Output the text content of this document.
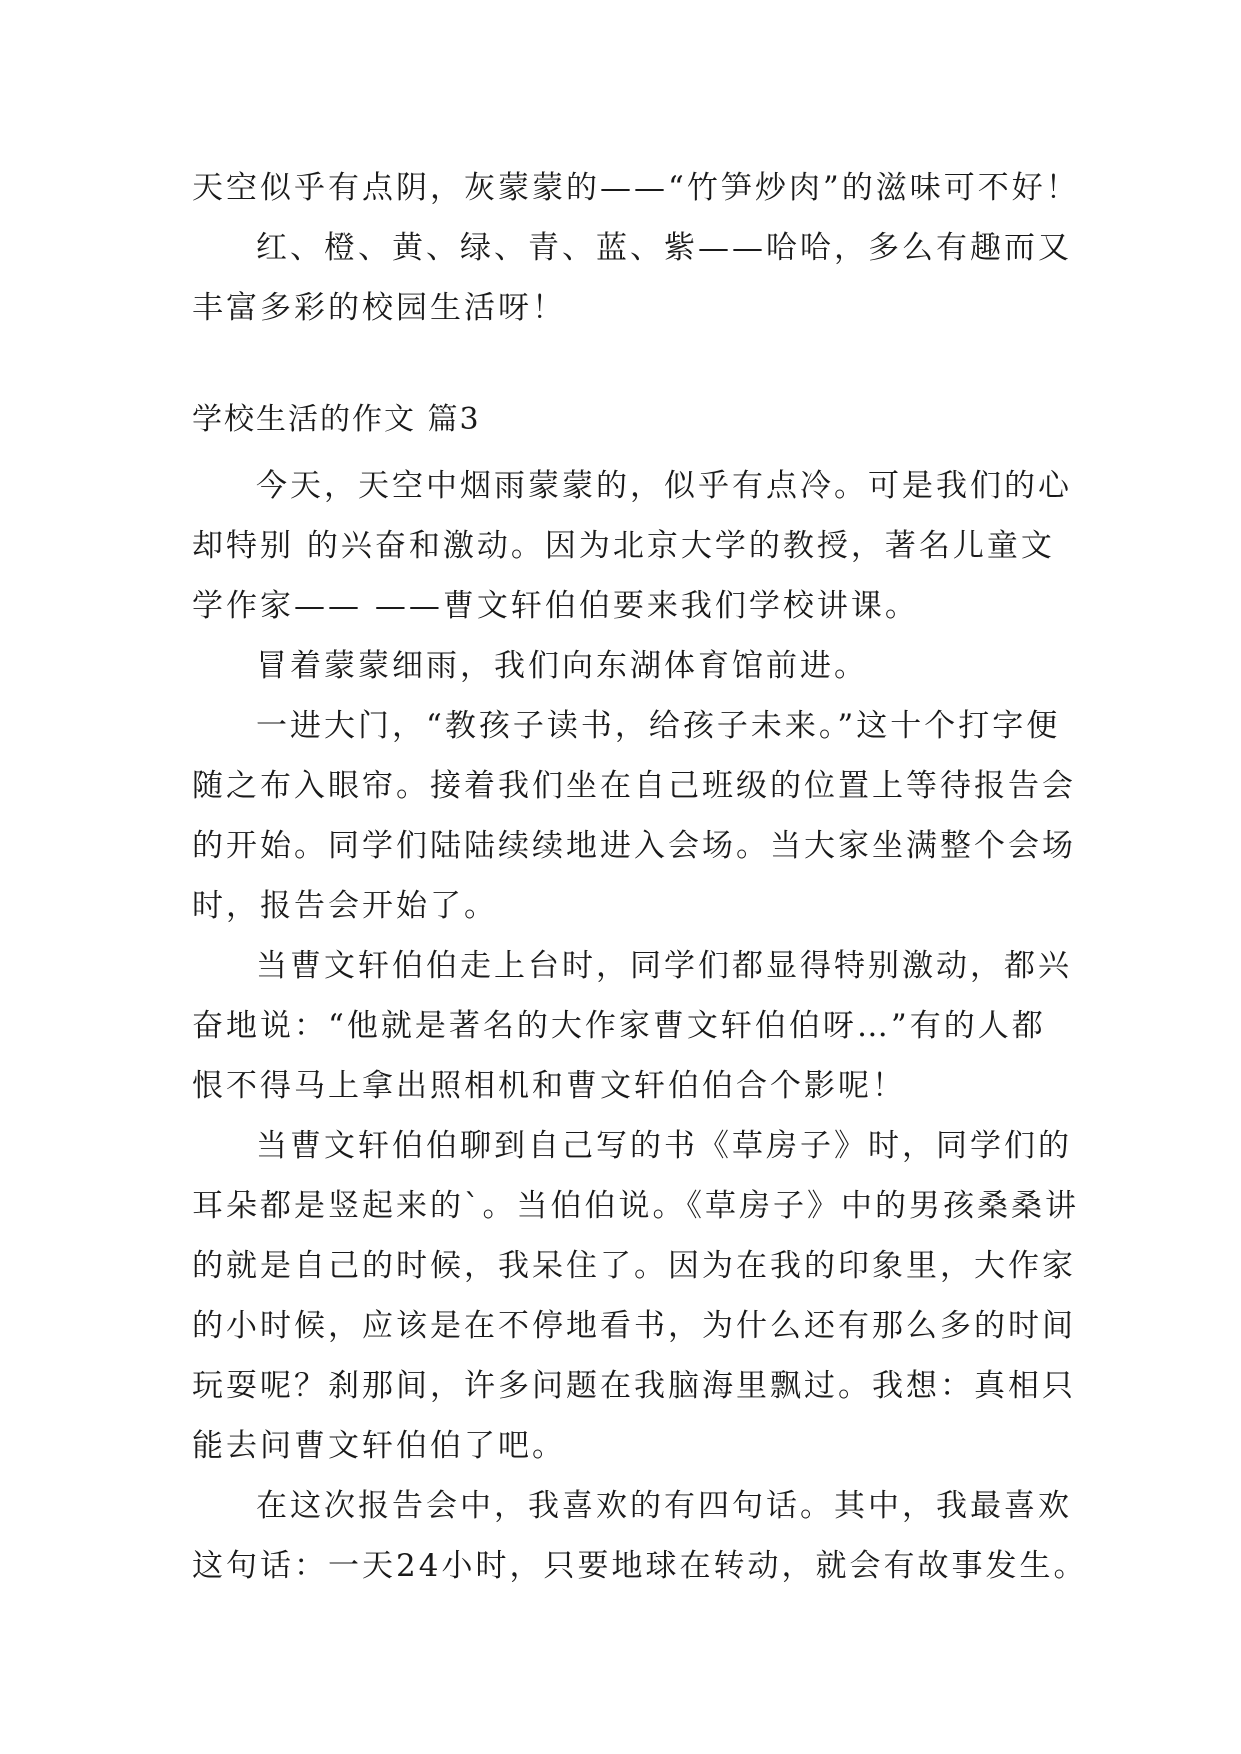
天空似乎有点阴，灰蒙蒙的——“竹笋炒肉”的滋味可不好！
红、橙、黄、绿、青、蓝、紫——哈哈，多么有趣而又
丰富多彩的校园生活呀！
学校生活的作文 篇3
今天，天空中烟雨蒙蒙的，似乎有点冷。可是我们的心
却特别 的兴奋和激动。因为北京大学的教授，著名儿童文
学作家—— ——曹文轩伯伯要来我们学校讲课。
冒着蒙蒙细雨，我们向东湖体育馆前进。
一进大门，“教孩子读书，给孩子未来。”这十个打字便
随之布入眼帘。接着我们坐在自己班级的位置上等待报告会
的开始。同学们陆陆续续地进入会场。当大家坐满整个会场
时，报告会开始了。
当曹文轩伯伯走上台时，同学们都显得特别激动，都兴
奋地说：“他就是著名的大作家曹文轩伯伯呀…”有的人都
恨不得马上拿出照相机和曹文轩伯伯合个影呢！
当曹文轩伯伯聊到自己写的书《草房子》时，同学们的
耳朵都是竖起来的`。当伯伯说。《草房子》中的男孩桑桑讲
的就是自己的时候，我呆住了。因为在我的印象里，大作家
的小时候，应该是在不停地看书，为什么还有那么多的时间
玩耍呢？刹那间，许多问题在我脑海里飘过。我想：真相只
能去问曹文轩伯伯了吧。
在这次报告会中，我喜欢的有四句话。其中，我最喜欢
这句话：一天24小时，只要地球在转动，就会有故事发生。
